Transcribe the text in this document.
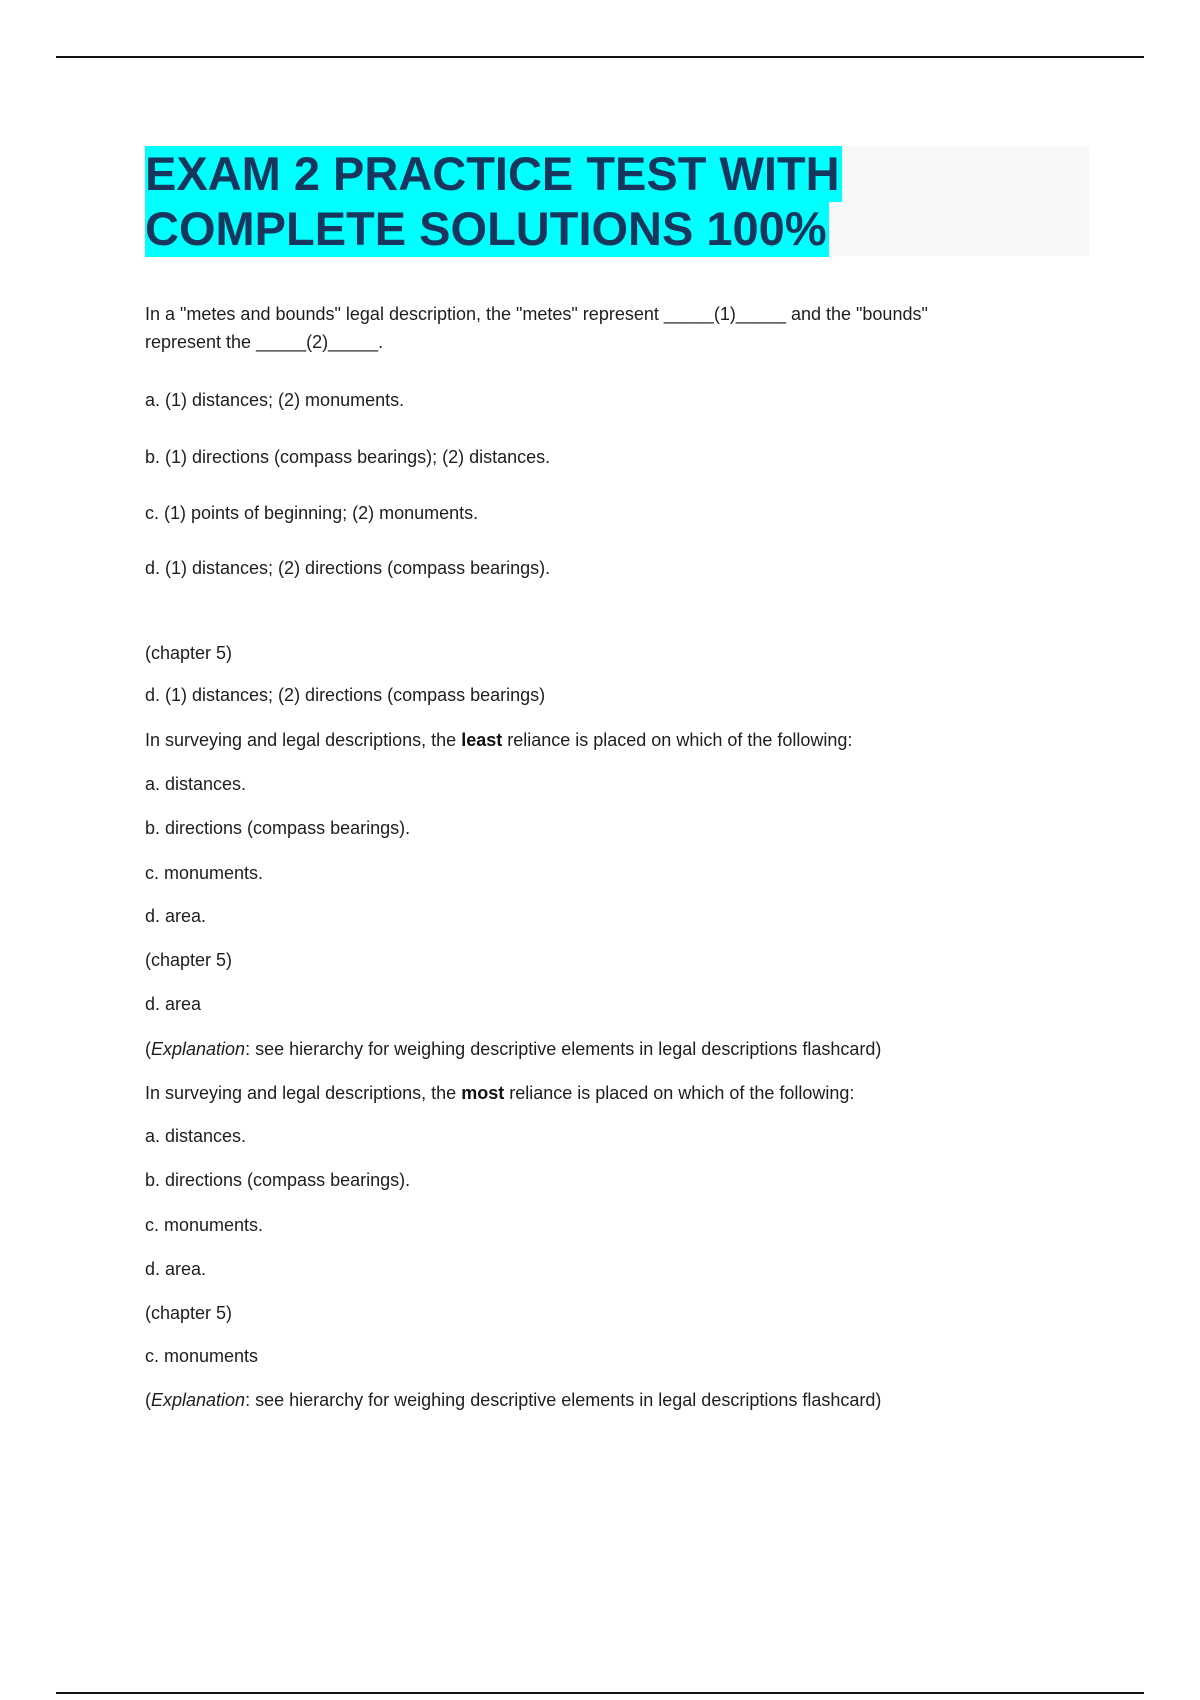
EXAM 2 PRACTICE TEST WITH
COMPLETE SOLUTIONS 100%
In a "metes and bounds" legal description, the "metes" represent _____(1)_____ and the "bounds" represent the _____(2)_____.
a. (1) distances; (2) monuments.
b. (1) directions (compass bearings); (2) distances.
c. (1) points of beginning; (2) monuments.
d. (1) distances; (2) directions (compass bearings).
(chapter 5)
d. (1) distances; (2) directions (compass bearings)
In surveying and legal descriptions, the least reliance is placed on which of the following:
a. distances.
b. directions (compass bearings).
c. monuments.
d. area.
(chapter 5)
d. area
(Explanation: see hierarchy for weighing descriptive elements in legal descriptions flashcard)
In surveying and legal descriptions, the most reliance is placed on which of the following:
a. distances.
b. directions (compass bearings).
c. monuments.
d. area.
(chapter 5)
c. monuments
(Explanation: see hierarchy for weighing descriptive elements in legal descriptions flashcard)
